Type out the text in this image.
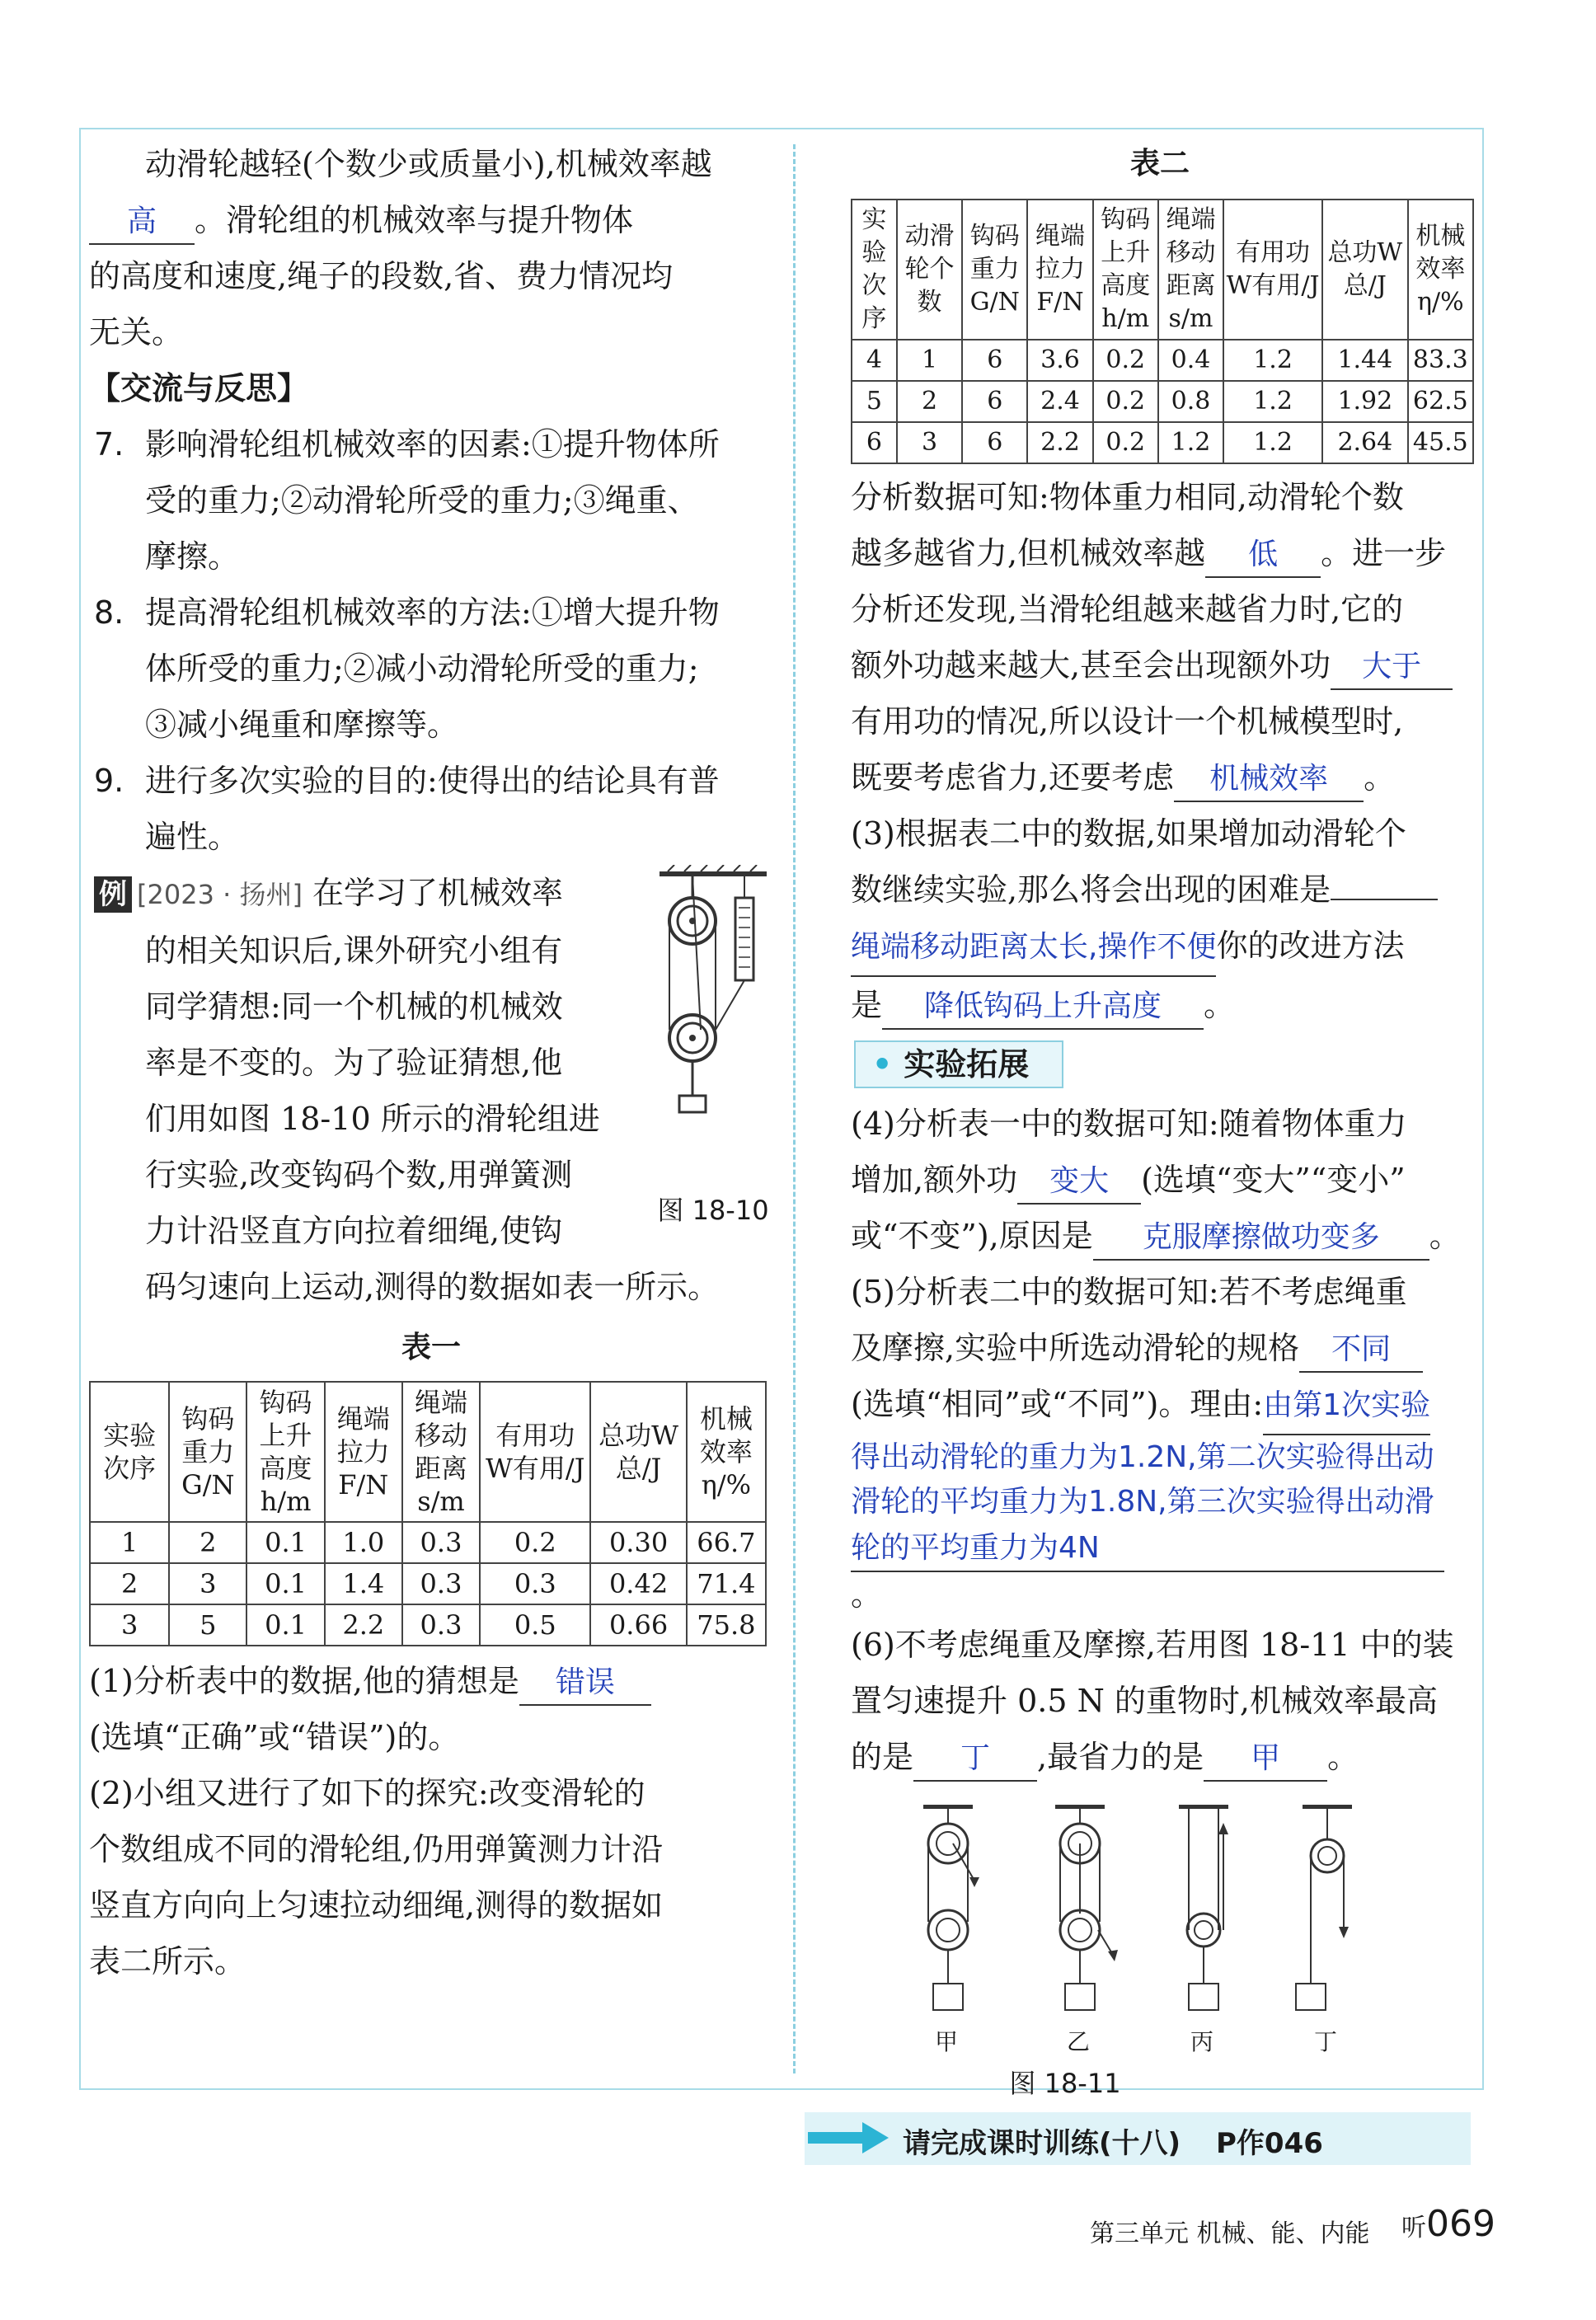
动滑轮越轻(个数少或质量小),机械效率越

高 。滑轮组的机械效率与提升物体

的高度和速度,绳子的段数,省、费力情况均

无关。

【交流与反思】

7. 影响滑轮组机械效率的因素:①提升物体所

受的重力;②动滑轮所受的重力;③绳重、

摩擦。

8. 提高滑轮组机械效率的方法:①增大提升物

体所受的重力;②减小动滑轮所受的重力;

③减小绳重和摩擦等。

9. 进行多次实验的目的:使得出的结论具有普

遍性。

例 [2023 · 扬州] 在学习了机械效率

的相关知识后,课外研究小组有

同学猜想:同一个机械的机械效

率是不变的。为了验证猜想,他

们用如图 18-10 所示的滑轮组进

行实验,改变钩码个数,用弹簧测

力计沿竖直方向拉着细绳,使钩

码匀速向上运动,测得的数据如表一所示。

图 18-10
表一
实验次序	钩码重力G/N	钩码上升高度h/m	绳端拉力F/N	绳端移动距离s/m	有用功W有用/J	总功W总/J	机械效率η/%
1	2	0.1	1.0	0.3	0.2	0.30	66.7
2	3	0.1	1.4	0.3	0.3	0.42	71.4
3	5	0.1	2.2	0.3	0.5	0.66	75.8

(1)分析表中的数据,他的猜想是 错误

(选填“正确”或“错误”)的。

(2)小组又进行了如下的探究:改变滑轮的

个数组成不同的滑轮组,仍用弹簧测力计沿

竖直方向向上匀速拉动细绳,测得的数据如

表二所示。

表二
实验次序	动滑轮个数	钩码重力G/N	绳端拉力F/N	钩码上升高度h/m	绳端移动距离s/m	有用功W有用/J	总功W总/J	机械效率η/%
4	1	6	3.6	0.2	0.4	1.2	1.44	83.3
5	2	6	2.4	0.2	0.8	1.2	1.92	62.5
6	3	6	2.2	0.2	1.2	1.2	2.64	45.5

分析数据可知:物体重力相同,动滑轮个数

越多越省力,但机械效率越 低 。进一步

分析还发现,当滑轮组越来越省力时,它的

额外功越来越大,甚至会出现额外功 大于

有用功的情况,所以设计一个机械模型时,

既要考虑省力,还要考虑 机械效率 。

(3)根据表二中的数据,如果增加动滑轮个

数继续实验,那么将会出现的困难是

绳端移动距离太长,操作不便你的改进方法

是 降低钩码上升高度 。

• 实验拓展

(4)分析表一中的数据可知:随着物体重力

增加,额外功 变大 (选填“变大”“变小”

或“不变”),原因是 克服摩擦做功变多 。

(5)分析表二中的数据可知:若不考虑绳重

及摩擦,实验中所选动滑轮的规格 不同

(选填“相同”或“不同”)。理由:由第1次实验

得出动滑轮的重力为1.2N,第二次实验得出动

滑轮的平均重力为1.8N,第三次实验得出动滑

轮的平均重力为4N。

(6)不考虑绳重及摩擦,若用图 18-11 中的装

置匀速提升 0.5 N 的重物时,机械效率最高

的是 丁 ,最省力的是 甲 。

甲	乙	丙	丁
图 18-11
请完成课时训练(十八) P作046
第三单元 机械、能、内能 听069
